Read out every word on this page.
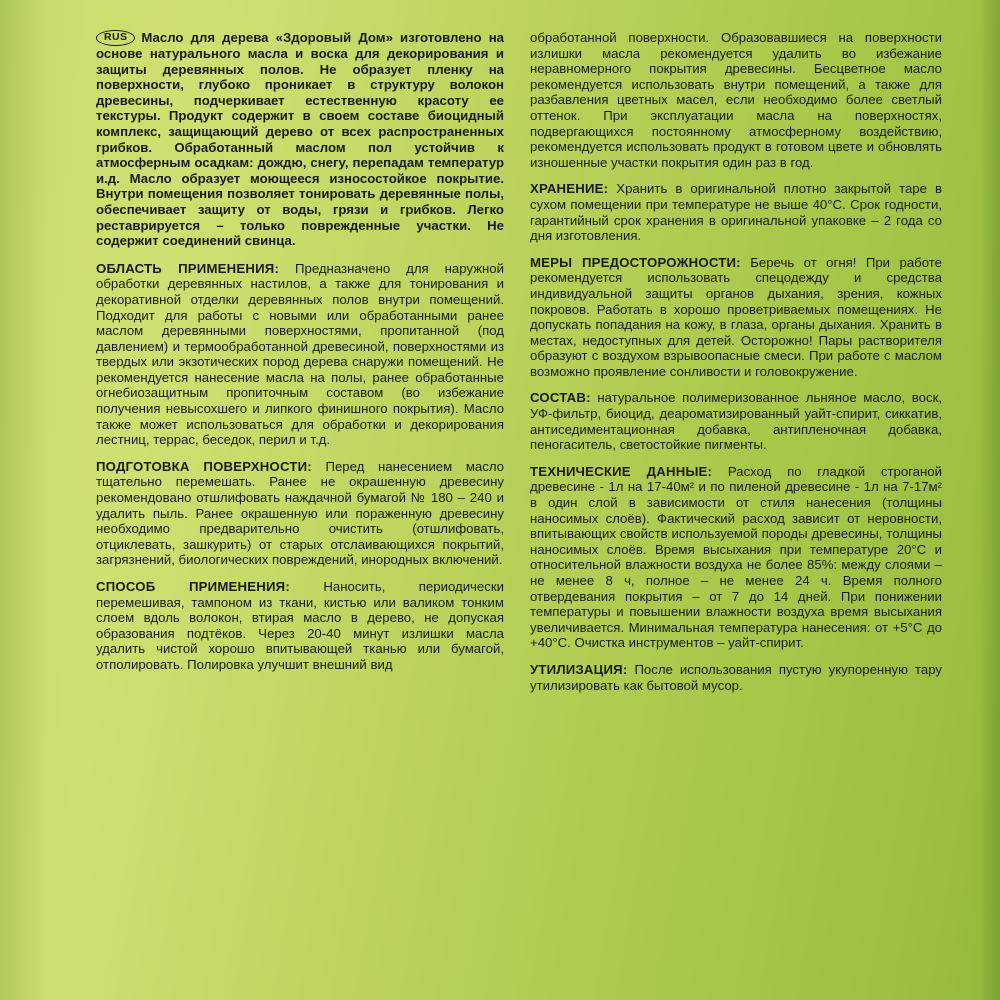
RUS Масло для дерева «Здоровый Дом» изготовлено на основе натурального масла и воска для декорирования и защиты деревянных полов. Не образует пленку на поверхности, глубоко проникает в структуру волокон древесины, подчеркивает естественную красоту ее текстуры. Продукт содержит в своем составе биоцидный комплекс, защищающий дерево от всех распространенных грибков. Обработанный маслом пол устойчив к атмосферным осадкам: дождю, снегу, перепадам температур и.д. Масло образует моющееся износостойкое покрытие. Внутри помещения позволяет тонировать деревянные полы, обеспечивает защиту от воды, грязи и грибков. Легко реставрируется – только поврежденные участки. Не содержит соединений свинца.

ОБЛАСТЬ ПРИМЕНЕНИЯ: Предназначено для наружной обработки деревянных настилов, а также для тонирования и декоративной отделки деревянных полов внутри помещений. Подходит для работы с новыми или обработанными ранее маслом деревянными поверхностями, пропитанной (под давлением) и термообработанной древесиной, поверхностями из твердых или экзотических пород дерева снаружи помещений. Не рекомендуется нанесение масла на полы, ранее обработанные огнебиозащитным пропиточным составом (во избежание получения невысохшего и липкого финишного покрытия). Масло также может использоваться для обработки и декорирования лестниц, террас, беседок, перил и т.д.

ПОДГОТОВКА ПОВЕРХНОСТИ: Перед нанесением масло тщательно перемешать. Ранее не окрашенную древесину рекомендовано отшлифовать наждачной бумагой № 180 – 240 и удалить пыль. Ранее окрашенную или пораженную древесину необходимо предварительно очистить (отшлифовать, отциклевать, зашкурить) от старых отслаивающихся покрытий, загрязнений, биологических повреждений, инородных включений.

СПОСОБ ПРИМЕНЕНИЯ: Наносить, периодически перемешивая, тампоном из ткани, кистью или валиком тонким слоем вдоль волокон, втирая масло в дерево, не допуская образования подтёков. Через 20-40 минут излишки масла удалить чистой хорошо впитывающей тканью или бумагой, отполировать. Полировка улучшит внешний вид

обработанной поверхности. Образовавшиеся на поверхности излишки масла рекомендуется удалить во избежание неравномерного покрытия древесины. Бесцветное масло рекомендуется использовать внутри помещений, а также для разбавления цветных масел, если необходимо более светлый оттенок. При эксплуатации масла на поверхностях, подвергающихся постоянному атмосферному воздействию, рекомендуется использовать продукт в готовом цвете и обновлять изношенные участки покрытия один раз в год.

ХРАНЕНИЕ: Хранить в оригинальной плотно закрытой таре в сухом помещении при температуре не выше 40°С. Срок годности, гарантийный срок хранения в оригинальной упаковке – 2 года со дня изготовления.

МЕРЫ ПРЕДОСТОРОЖНОСТИ: Беречь от огня! При работе рекомендуется использовать спецодежду и средства индивидуальной защиты органов дыхания, зрения, кожных покровов. Работать в хорошо проветриваемых помещениях. Не допускать попадания на кожу, в глаза, органы дыхания. Хранить в местах, недоступных для детей. Осторожно! Пары растворителя образуют с воздухом взрывоопасные смеси. При работе с маслом возможно проявление сонливости и головокружение.

СОСТАВ: натуральное полимеризованное льняное масло, воск, УФ-фильтр, биоцид, деароматизированный уайт-спирит, сиккатив, антиседиментационная добавка, антипленочная добавка, пеногаситель, светостойкие пигменты.

ТЕХНИЧЕСКИЕ ДАННЫЕ: Расход по гладкой строганой древесине - 1л на 17-40м² и по пиленой древесине - 1л на 7-17м² в один слой в зависимости от стиля нанесения (толщины наносимых слоёв). Фактический расход зависит от неровности, впитывающих свойств используемой породы древесины, толщины наносимых слоёв. Время высыхания при температуре 20°С и относительной влажности воздуха не более 85%: между слоями – не менее 8 ч, полное – не менее 24 ч. Время полного отвердевания покрытия – от 7 до 14 дней. При понижении температуры и повышении влажности воздуха время высыхания увеличивается. Минимальная температура нанесения: от +5°С до +40°С. Очистка инструментов – уайт-спирит.

УТИЛИЗАЦИЯ: После использования пустую укупоренную тару утилизировать как бытовой мусор.
